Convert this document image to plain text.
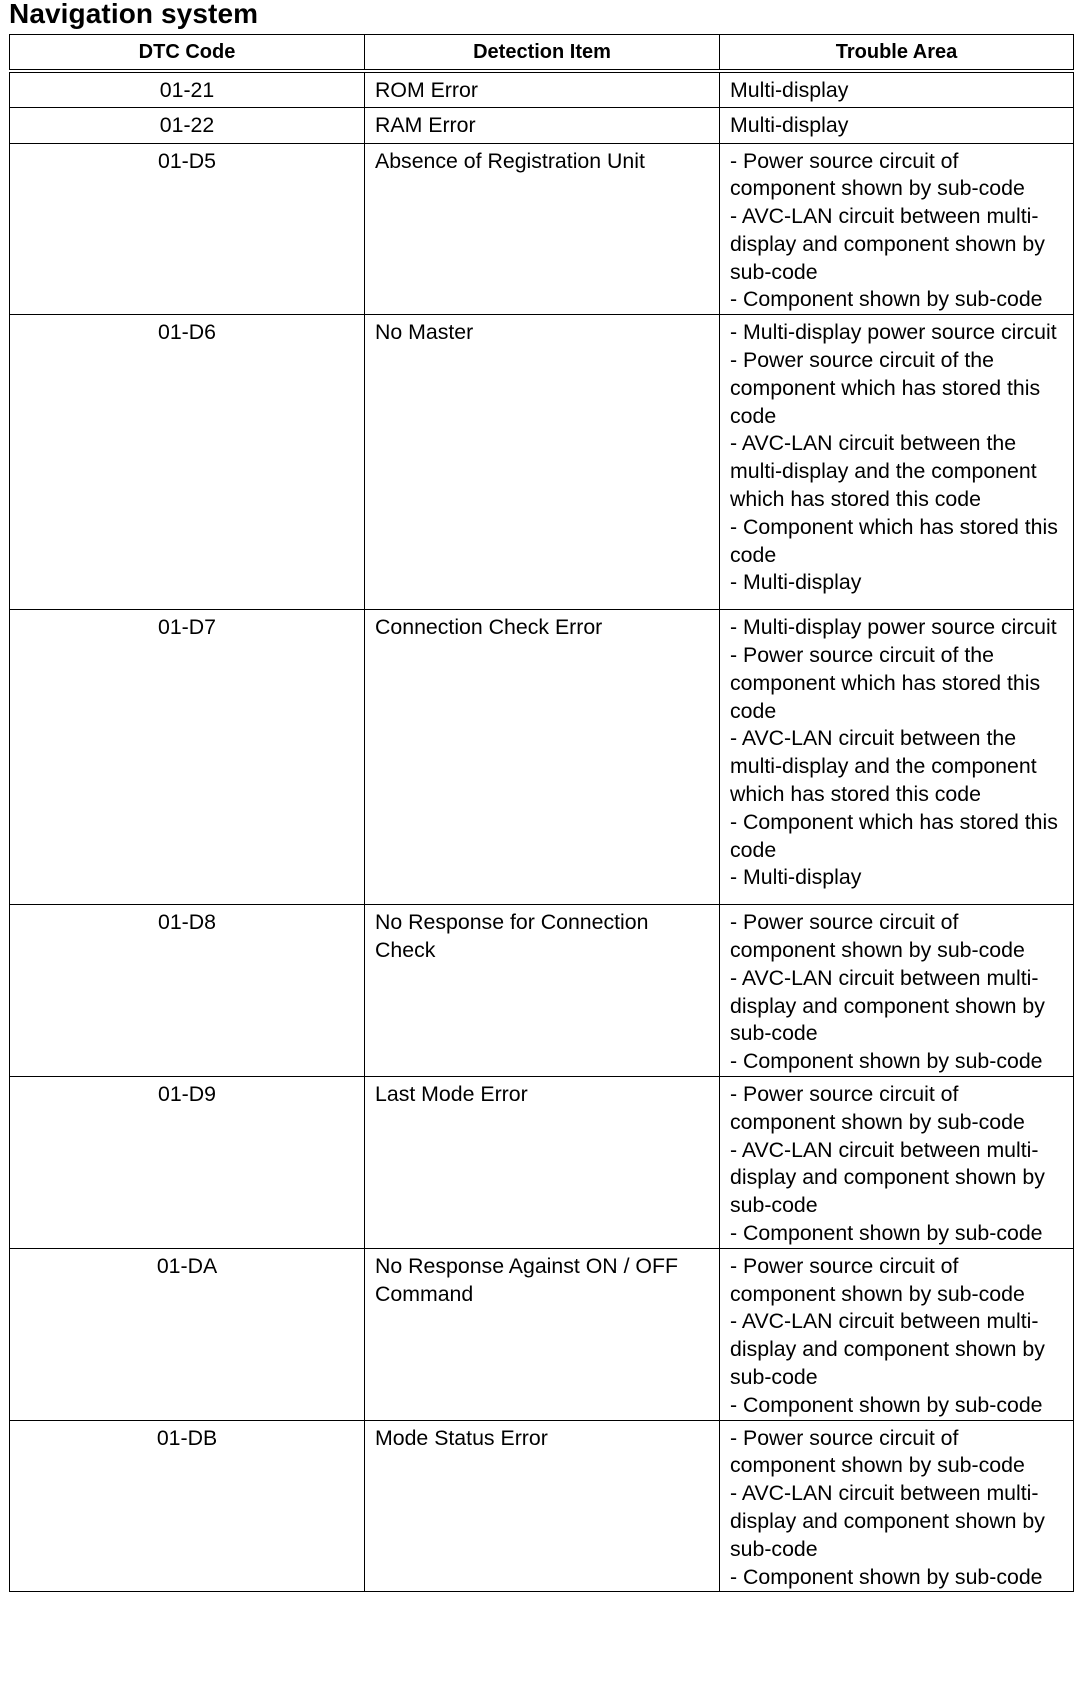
Navigation system
DTC Code	Detection Item	Trouble Area
01-21	ROM Error	Multi-display

01-22	RAM Error	Multi-display

01-D5	Absence of Registration Unit	- Power source circuit of component shown by sub-code
- AVC-LAN circuit between multi-display and component shown by sub-code
- Component shown by sub-code

01-D6	No Master	- Multi-display power source circuit
- Power source circuit of the component which has stored this code
- AVC-LAN circuit between the multi-display and the component which has stored this code
- Component which has stored this code
- Multi-display

01-D7	Connection Check Error	- Multi-display power source circuit
- Power source circuit of the component which has stored this code
- AVC-LAN circuit between the multi-display and the component which has stored this code
- Component which has stored this code
- Multi-display

01-D8	No Response for Connection Check	- Power source circuit of component shown by sub-code
- AVC-LAN circuit between multi-display and component shown by sub-code
- Component shown by sub-code

01-D9	Last Mode Error	- Power source circuit of component shown by sub-code
- AVC-LAN circuit between multi-display and component shown by sub-code
- Component shown by sub-code

01-DA	No Response Against ON / OFF Command	- Power source circuit of component shown by sub-code
- AVC-LAN circuit between multi-display and component shown by sub-code
- Component shown by sub-code

01-DB	Mode Status Error	- Power source circuit of component shown by sub-code
- AVC-LAN circuit between multi-display and component shown by sub-code
- Component shown by sub-code
